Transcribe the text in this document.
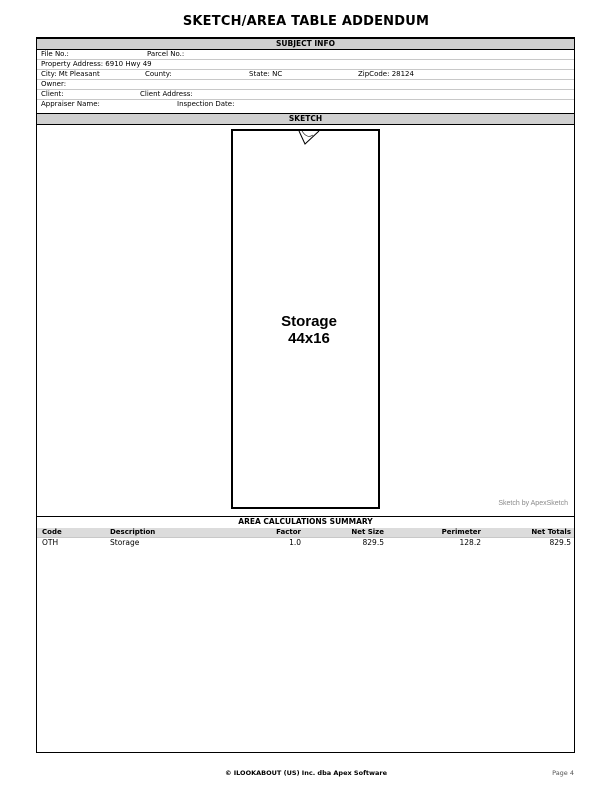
SKETCH/AREA TABLE ADDENDUM
SUBJECT INFO
File No.:	Parcel No.:
Property Address: 6910 Hwy 49
City: Mt Pleasant	County:	State: NC	ZipCode: 28124
Owner:
Client:	Client Address:
Appraiser Name:	Inspection Date:
SKETCH
Storage
44x16
Sketch by ApexSketch
AREA CALCULATIONS SUMMARY
Code	Description	Factor	Net Size	Perimeter	Net Totals
OTH	Storage	1.0	829.5	128.2	829.5
© ILOOKABOUT (US) Inc. dba Apex Software	Page 4
